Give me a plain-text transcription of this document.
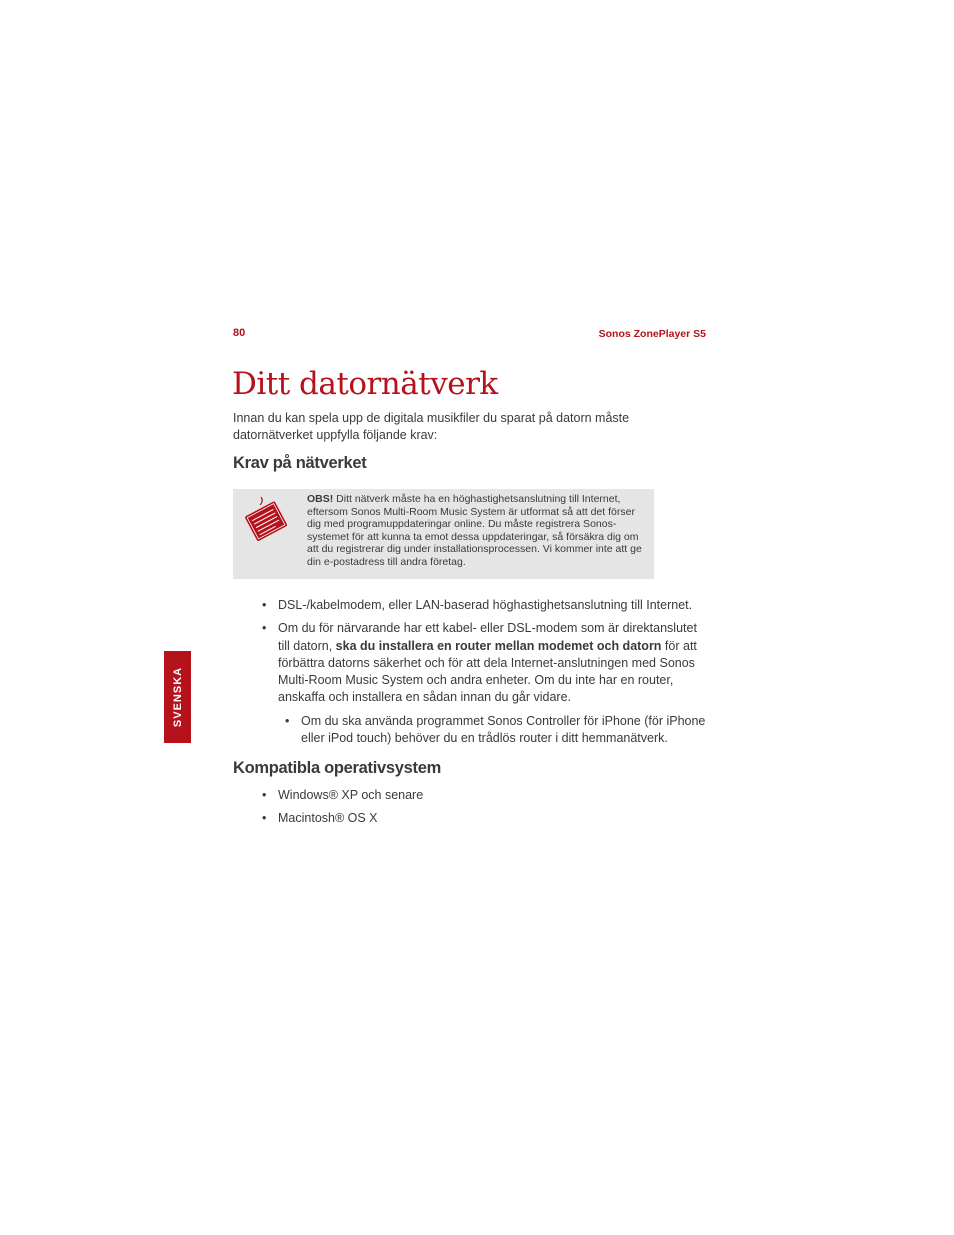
80	Sonos ZonePlayer S5
Ditt datornätverk
Innan du kan spela upp de digitala musikfiler du sparat på datorn måste datornätverket uppfylla följande krav:
Krav på nätverket
OBS! Ditt nätverk måste ha en höghastighetsanslutning till Internet, eftersom Sonos Multi-Room Music System är utformat så att det förser dig med programuppdateringar online. Du måste registrera Sonos-systemet för att kunna ta emot dessa uppdateringar, så försäkra dig om att du registrerar dig under installationsprocessen. Vi kommer inte att ge din e-postadress till andra företag.
• DSL-/kabelmodem, eller LAN-baserad höghastighetsanslutning till Internet.
• Om du för närvarande har ett kabel- eller DSL-modem som är direktanslutet till datorn, ska du installera en router mellan modemet och datorn för att förbättra datorns säkerhet och för att dela Internet-anslutningen med Sonos Multi-Room Music System och andra enheter. Om du inte har en router, anskaffa och installera en sådan innan du går vidare.
• Om du ska använda programmet Sonos Controller för iPhone (för iPhone eller iPod touch) behöver du en trådlös router i ditt hemmanätverk.
Kompatibla operativsystem
• Windows® XP och senare
• Macintosh® OS X
SVENSKA
